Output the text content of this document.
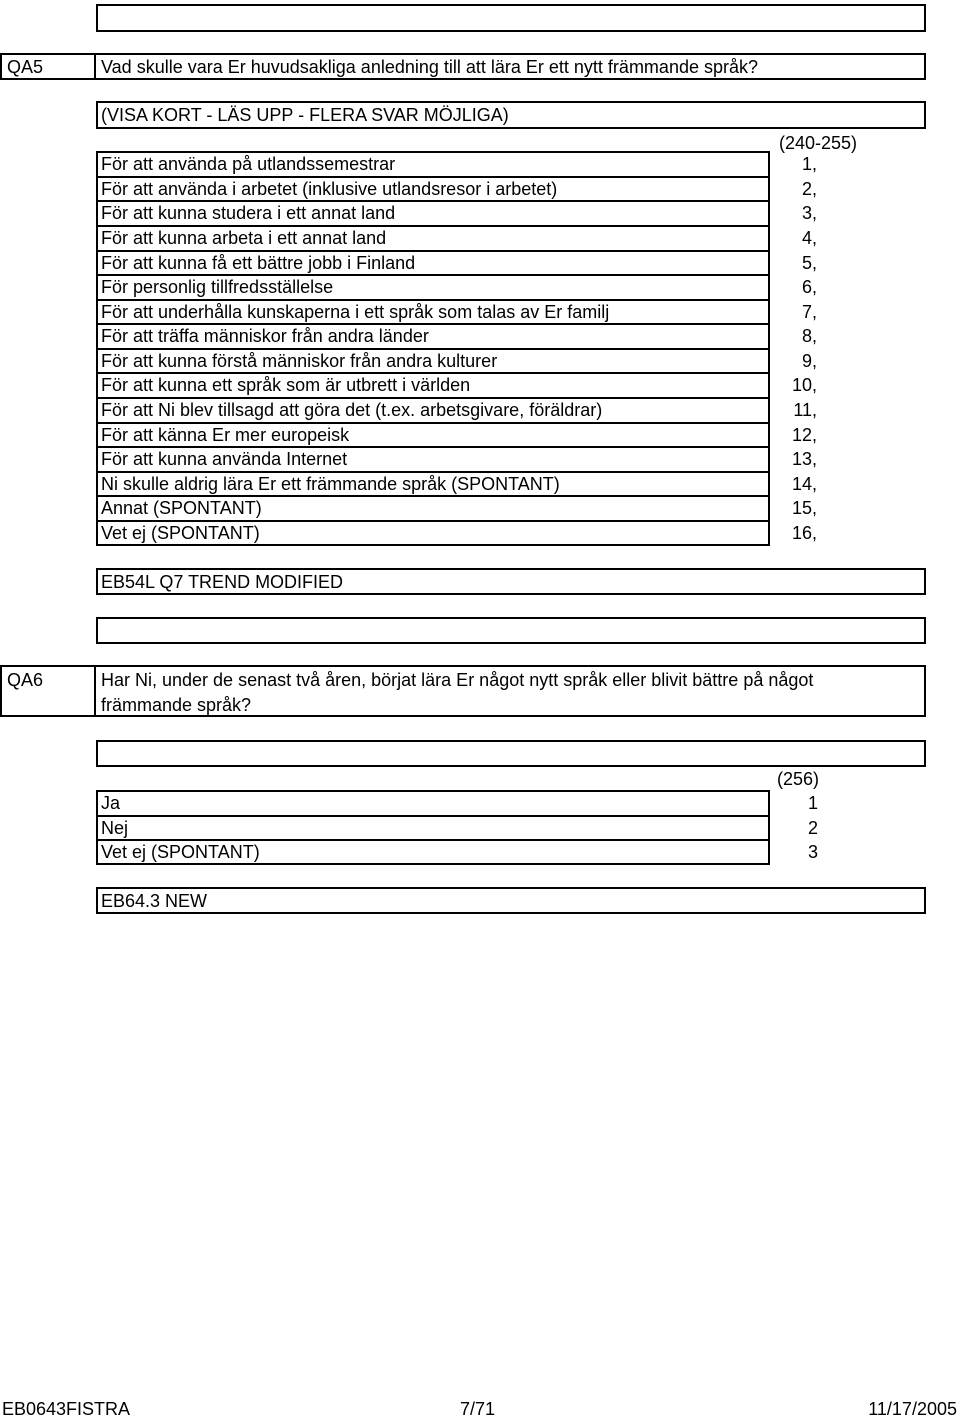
QA5	Vad skulle vara Er huvudsakliga anledning till att lära Er ett nytt främmande språk?
(VISA KORT - LÄS UPP - FLERA SVAR MÖJLIGA)
(240-255)
För att använda på utlandssemestrar	1,
För att använda i arbetet (inklusive utlandsresor i arbetet)	2,
För att kunna studera i ett annat land	3,
För att kunna arbeta i ett annat land	4,
För att kunna få ett bättre jobb i Finland	5,
För personlig tillfredsställelse	6,
För att underhålla kunskaperna i ett språk som talas av Er familj	7,
För att träffa människor från andra länder	8,
För att kunna förstå människor från andra kulturer	9,
För att kunna ett språk som är utbrett i världen	10,
För att Ni blev tillsagd att göra det (t.ex. arbetsgivare, föräldrar)	11,
För att känna Er mer europeisk	12,
För att kunna använda Internet	13,
Ni skulle aldrig lära Er ett främmande språk (SPONTANT)	14,
Annat (SPONTANT)	15,
Vet ej (SPONTANT)	16,
EB54L Q7 TREND MODIFIED
QA6	Har Ni, under de senast två åren, börjat lära Er något nytt språk eller blivit bättre på något
främmande språk?
(256)
Ja	1
Nej	2
Vet ej (SPONTANT)	3
EB64.3 NEW
EB0643FISTRA	7/71	11/17/2005
